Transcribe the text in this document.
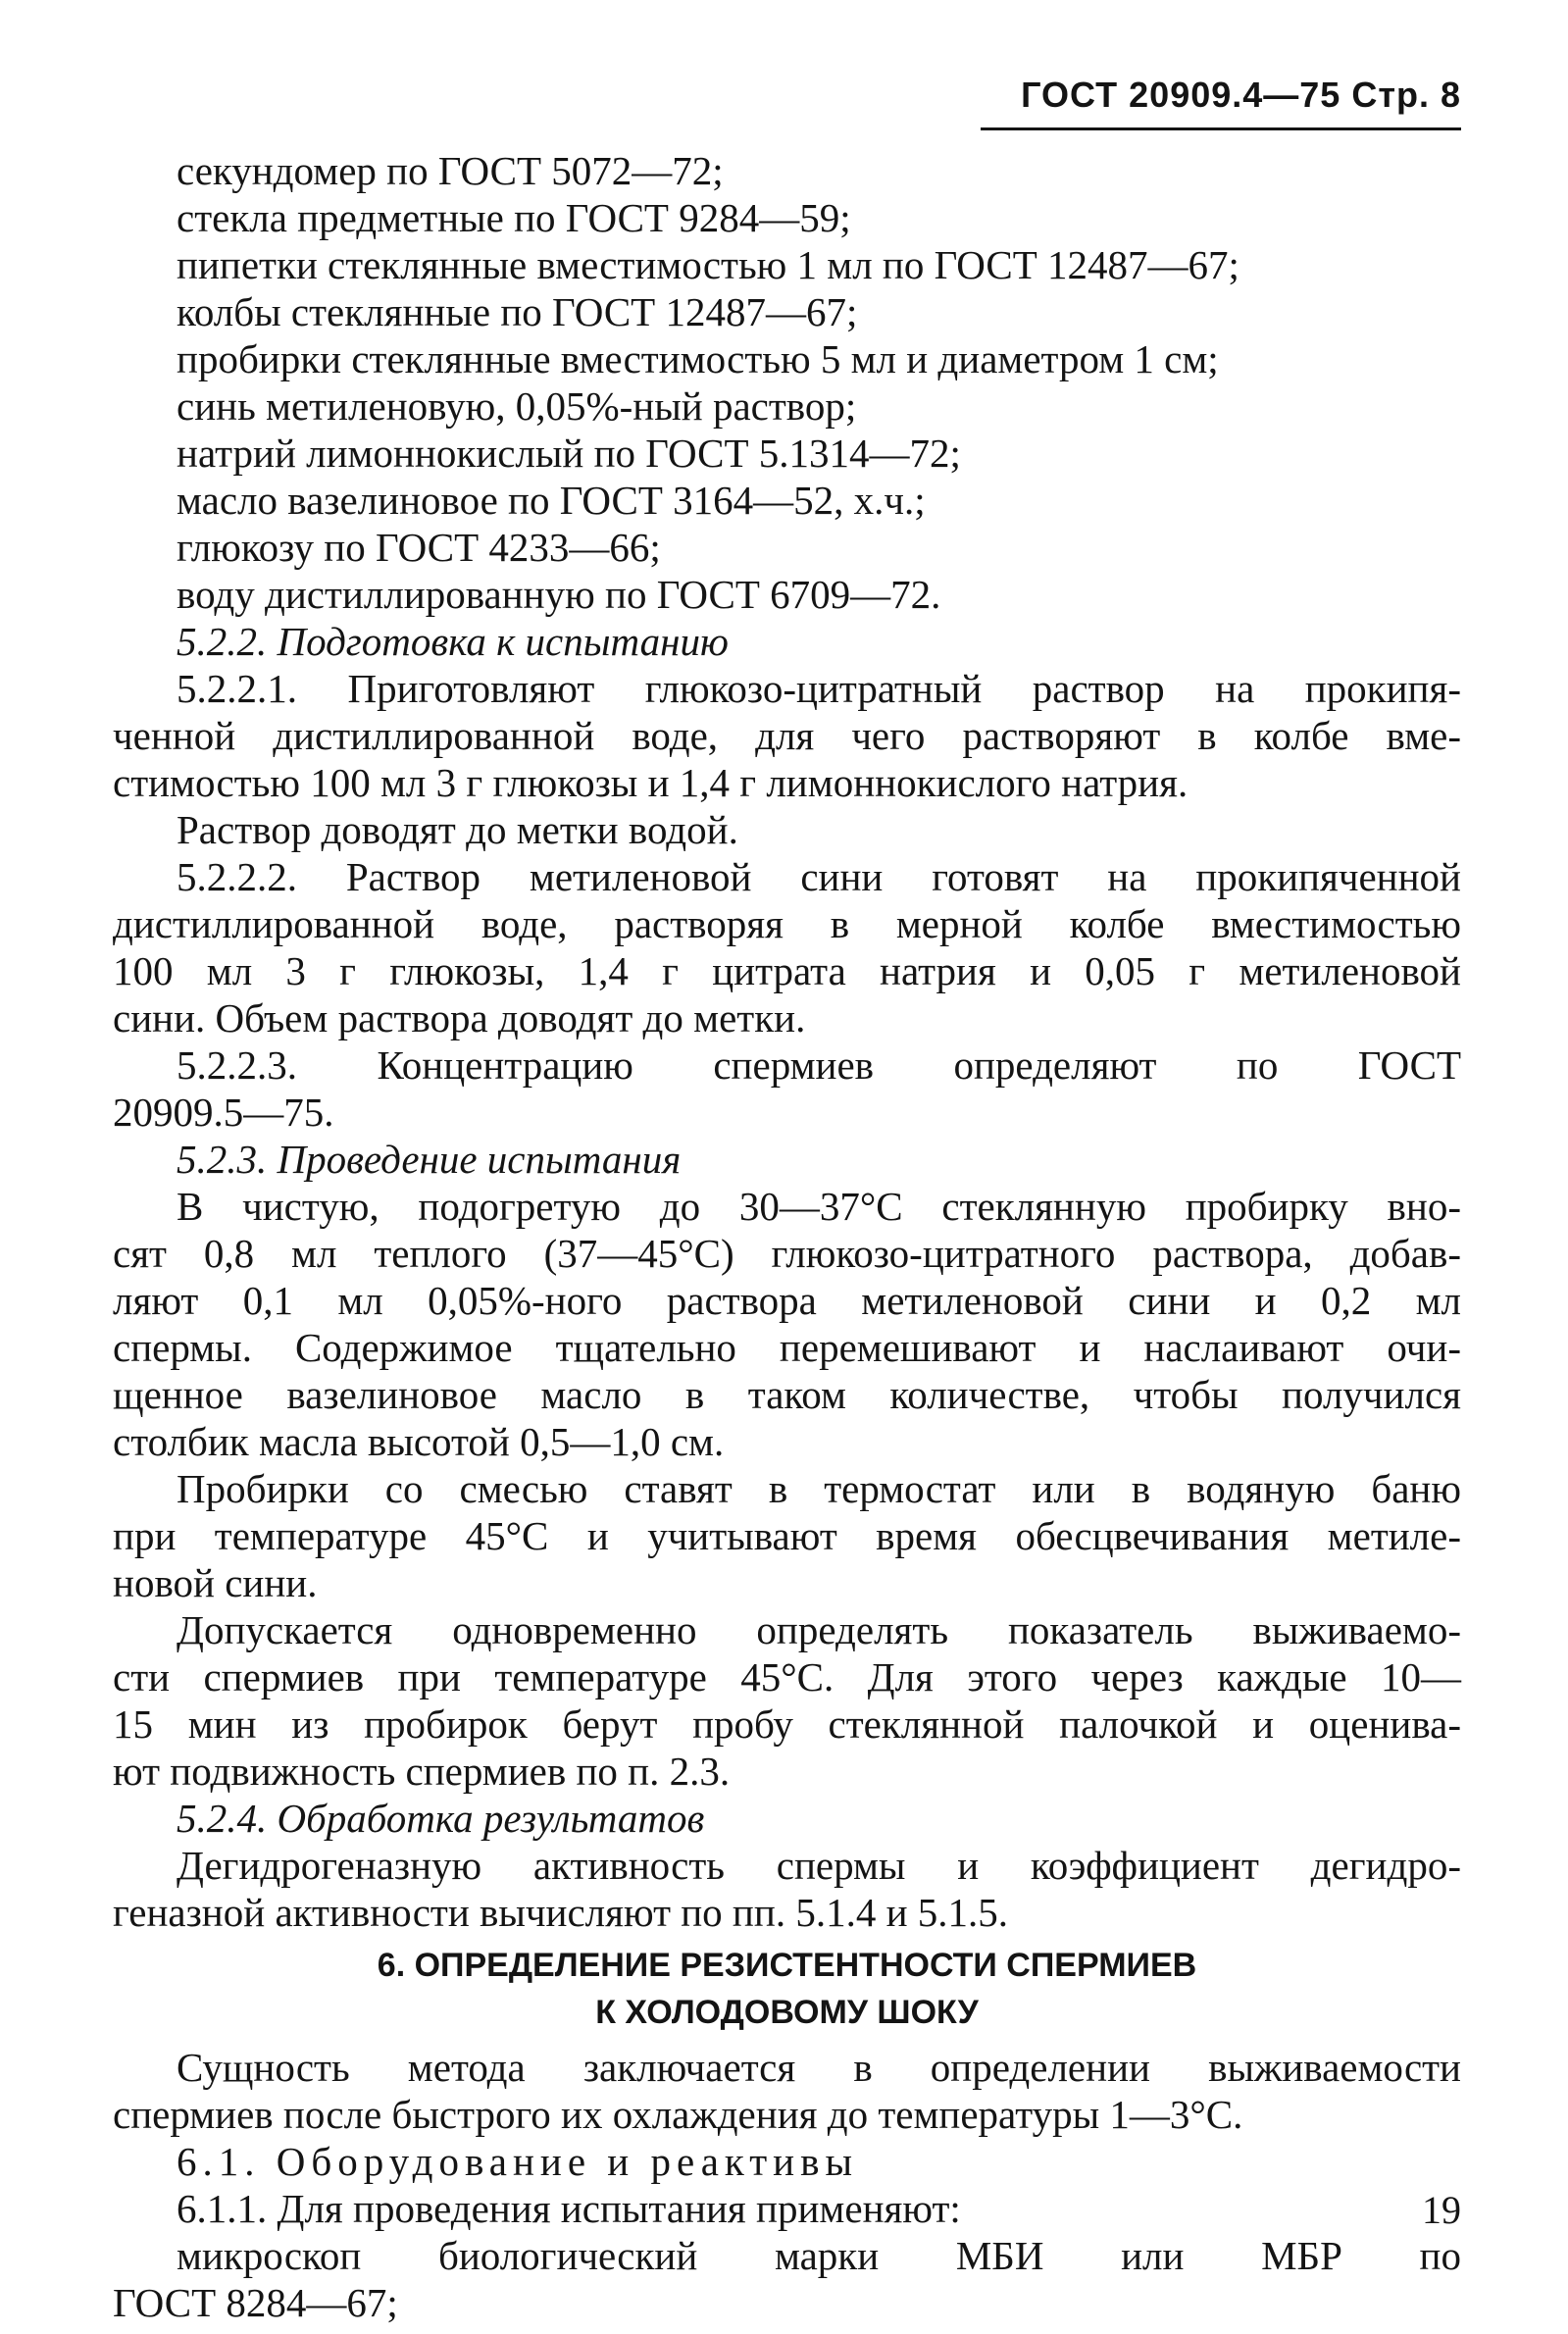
ГОСТ 20909.4—75 Стр. 8
секундомер по ГОСТ 5072—72;
стекла предметные по ГОСТ 9284—59;
пипетки стеклянные вместимостью 1 мл по ГОСТ 12487—67;
колбы стеклянные по ГОСТ 12487—67;
пробирки стеклянные вместимостью 5 мл и диаметром 1 см;
синь метиленовую, 0,05%-ный раствор;
натрий лимоннокислый по ГОСТ 5.1314—72;
масло вазелиновое по ГОСТ 3164—52, х.ч.;
глюкозу по ГОСТ 4233—66;
воду дистиллированную по ГОСТ 6709—72.
5.2.2. Подготовка к испытанию
5.2.2.1. Приготовляют глюкозо-цитратный раствор на прокипя-
ченной дистиллированной воде, для чего растворяют в колбе вме-
стимостью 100 мл 3 г глюкозы и 1,4 г лимоннокислого натрия.
Раствор доводят до метки водой.
5.2.2.2. Раствор метиленовой сини готовят на прокипяченной
дистиллированной воде, растворяя в мерной колбе вместимостью
100 мл 3 г глюкозы, 1,4 г цитрата натрия и 0,05 г метиленовой
сини. Объем раствора доводят до метки.
5.2.2.3. Концентрацию спермиев определяют по ГОСТ
20909.5—75.
5.2.3. Проведение испытания
В чистую, подогретую до 30—37°С стеклянную пробирку вно-
сят 0,8 мл теплого (37—45°С) глюкозо-цитратного раствора, добав-
ляют 0,1 мл 0,05%-ного раствора метиленовой сини и 0,2 мл
спермы. Содержимое тщательно перемешивают и наслаивают очи-
щенное вазелиновое масло в таком количестве, чтобы получился
столбик масла высотой 0,5—1,0 см.
Пробирки со смесью ставят в термостат или в водяную баню
при температуре 45°С и учитывают время обесцвечивания метиле-
новой сини.
Допускается одновременно определять показатель выживаемо-
сти спермиев при температуре 45°С. Для этого через каждые 10—
15 мин из пробирок берут пробу стеклянной палочкой и оценива-
ют подвижность спермиев по п. 2.3.
5.2.4. Обработка результатов
Дегидрогеназную активность спермы и коэффициент дегидро-
геназной активности вычисляют по пп. 5.1.4 и 5.1.5.
6. ОПРЕДЕЛЕНИЕ РЕЗИСТЕНТНОСТИ СПЕРМИЕВ
К ХОЛОДОВОМУ ШОКУ
Сущность метода заключается в определении выживаемости
спермиев после быстрого их охлаждения до температуры 1—3°С.
6.1. Оборудование и реактивы
6.1.1. Для проведения испытания применяют:
микроскоп биологический марки МБИ или МБР по
ГОСТ 8284—67;
19
